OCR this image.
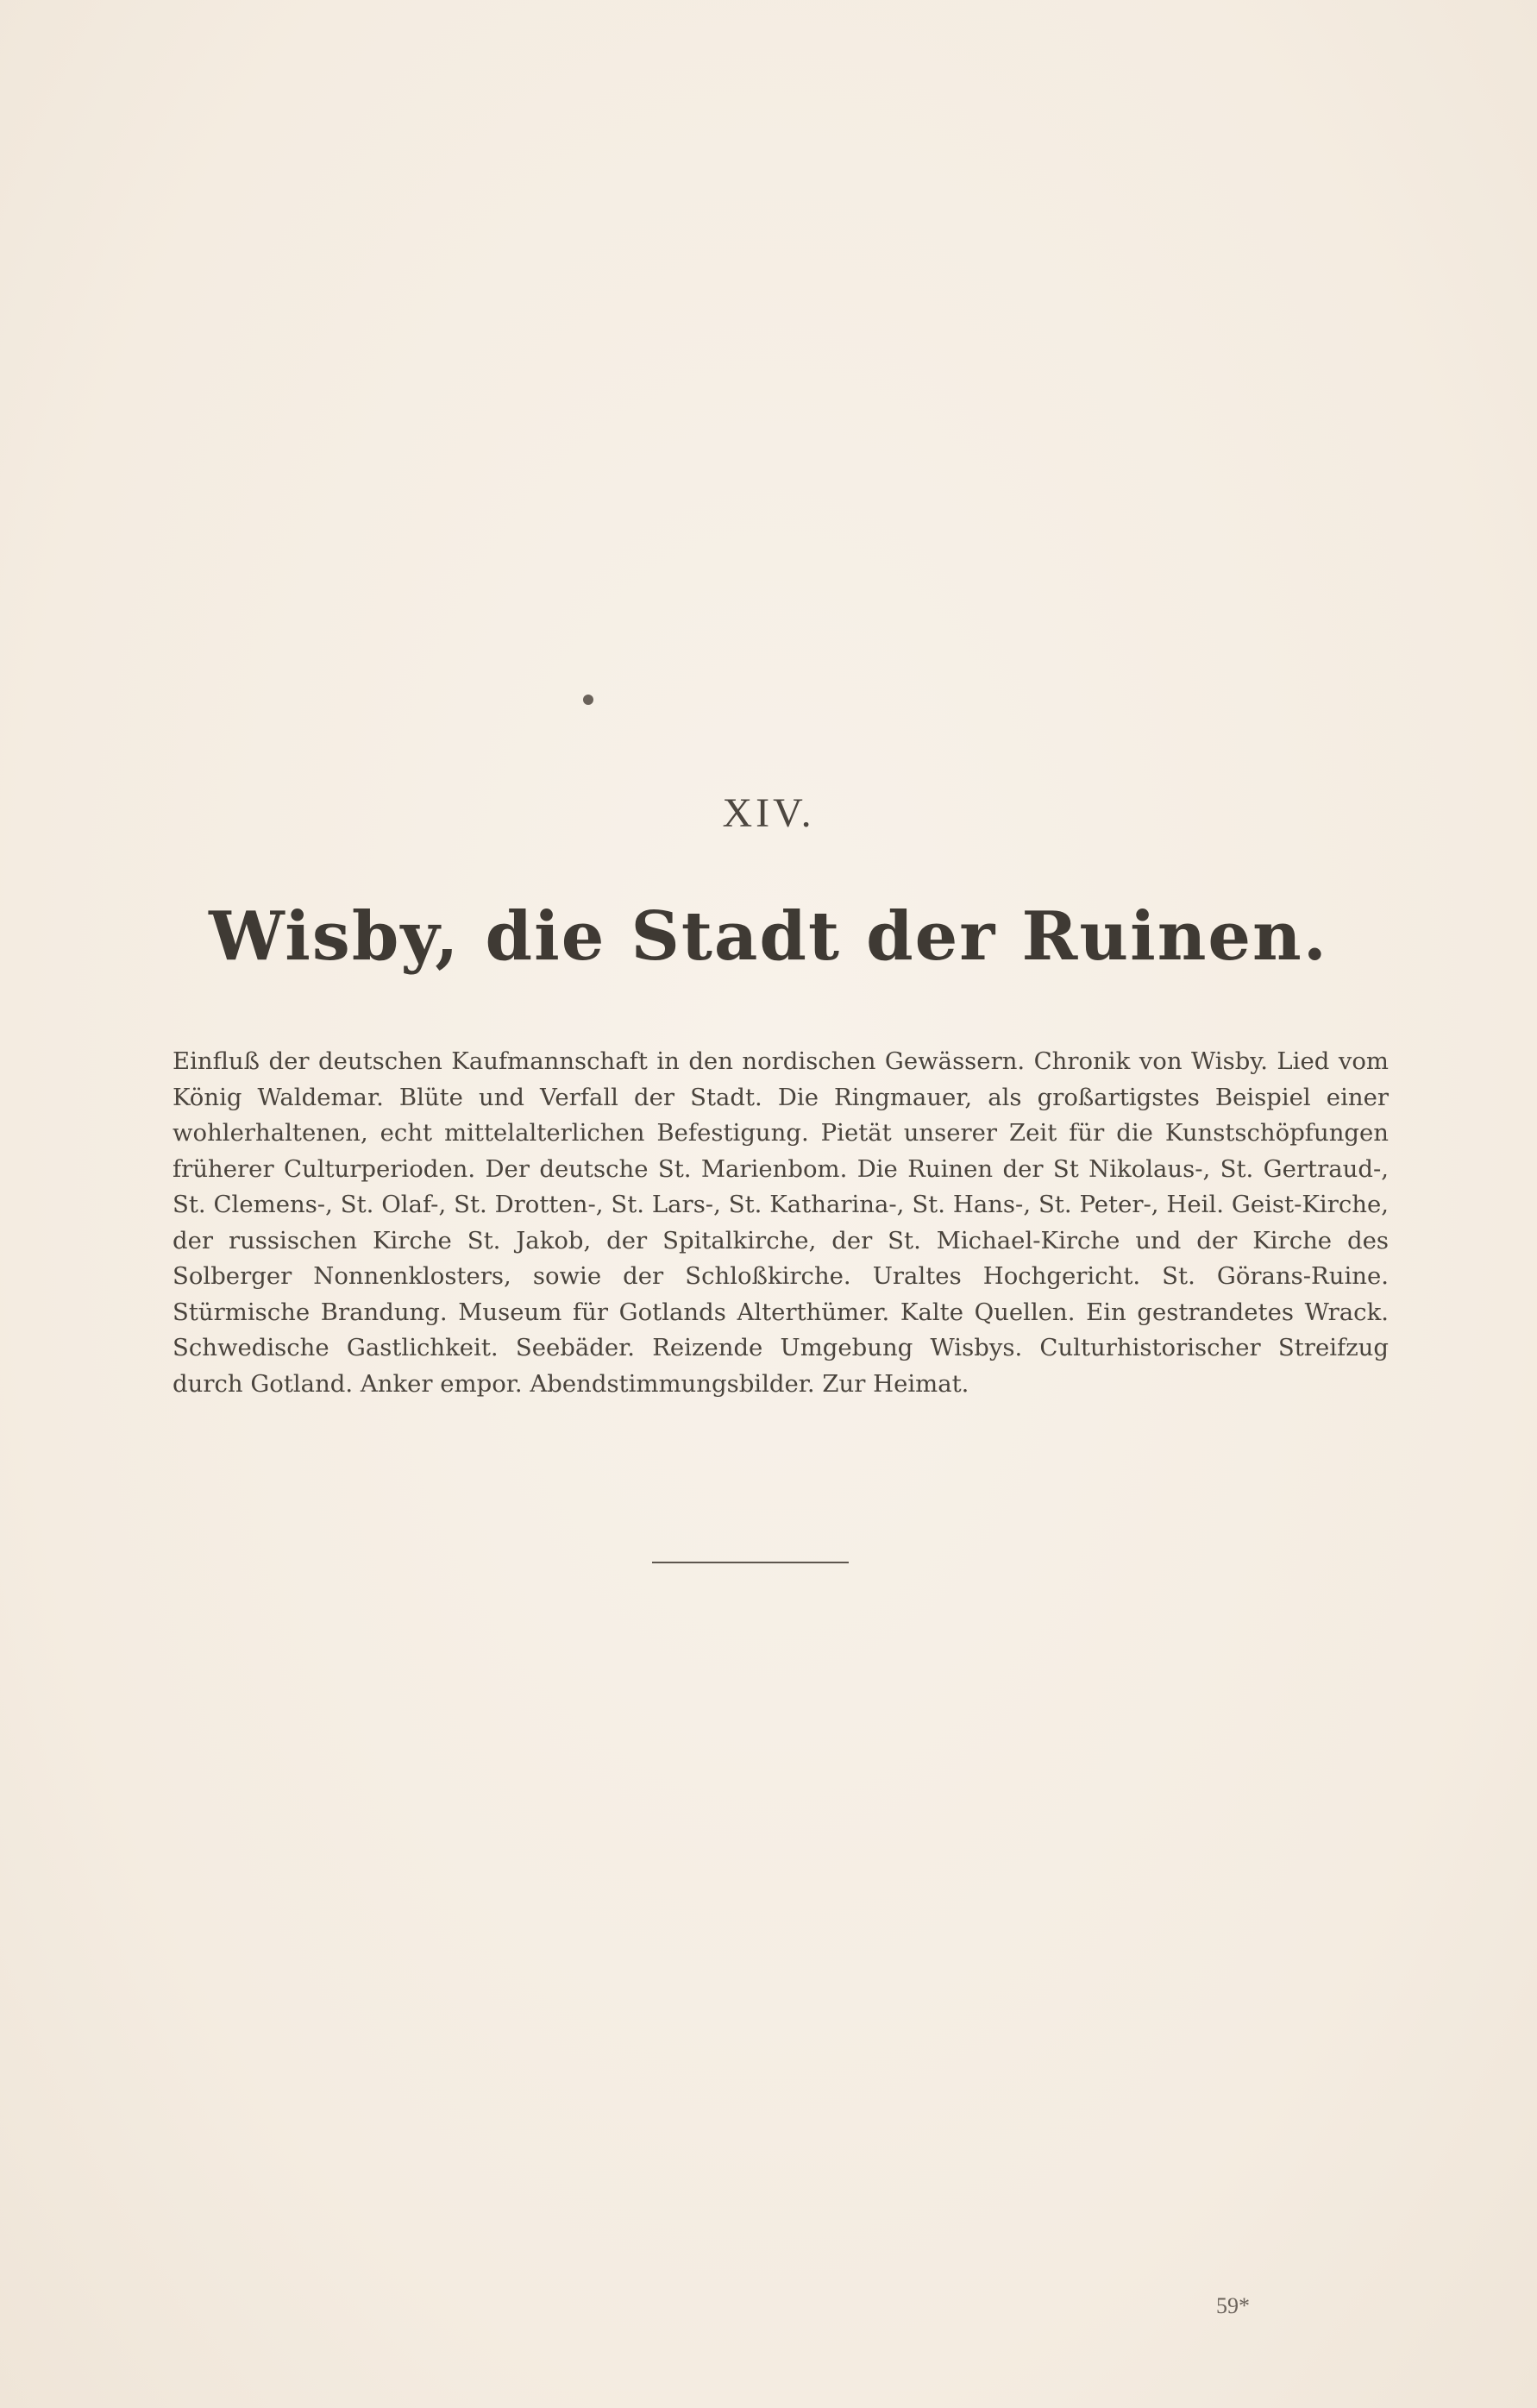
XIV.
Wisby, die Stadt der Ruinen.
Einfluß der deutschen Kaufmannschaft in den nordischen Gewässern. Chronik von Wisby. Lied vom König Waldemar. Blüte und Verfall der Stadt. Die Ringmauer, als großartigstes Beispiel einer wohlerhaltenen, echt mittelalterlichen Befestigung. Pietät unserer Zeit für die Kunstschöpfungen früherer Culturperioden. Der deutsche St. Marienbom. Die Ruinen der St Nikolaus-, St. Gertraud-, St. Clemens-, St. Olaf-, St. Drotten-, St. Lars-, St. Katharina-, St. Hans-, St. Peter-, Heil. Geist-Kirche, der russischen Kirche St. Jakob, der Spitalkirche, der St. Michael-Kirche und der Kirche des Solberger Nonnenklosters, sowie der Schloßkirche. Uraltes Hochgericht. St. Görans-Ruine. Stürmische Brandung. Museum für Gotlands Alterthümer. Kalte Quellen. Ein gestrandetes Wrack. Schwedische Gastlichkeit. Seebäder. Reizende Umgebung Wisbys. Culturhistorischer Streifzug durch Gotland. Anker empor. Abendstimmungsbilder. Zur Heimat.
59*
